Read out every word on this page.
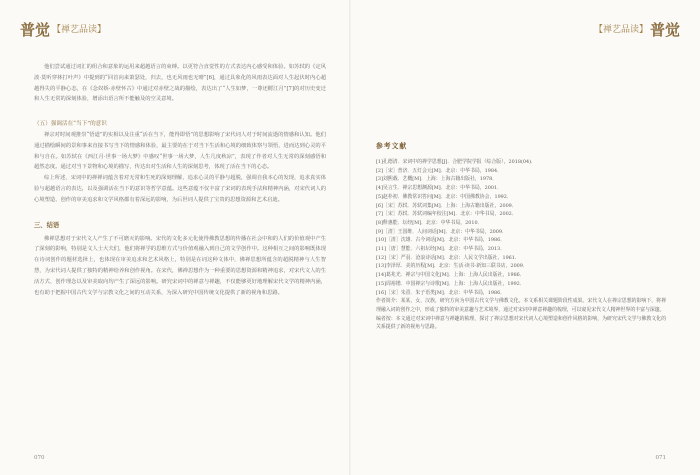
普觉 【禅艺品读】	【禅艺品读】 普觉

他们尝试通过词汇的组合和意象的运用来超越语言的束缚。以更符合直觉性的方式表达内心感受和体验。如苏轼的《定风波·莫听穿林打叶声》中提到的“回首向来萧瑟处，归去，也无风雨也无晴”[6]，通过具象化的风雨表达面对人生起伏时内心超越得失的平静心态，在《念奴娇·赤壁怀古》中通过对赤壁之战的描绘，表达出了“人生如梦，一尊还酹江月”[7]的对历史变迁和人生无常的深刻体验，增添出语言所不能触及的空灵意境。

（五）强调活在“当下”的意识

禅宗对时间观推崇“悟道”的实相以及注重“活在当下，能得即悟”的思想影响了宋代词人对于时间流逝的情感和认知。他们通过描绘瞬间的景和事来直接书写当下的情感和体验，最主要的在于对当下生活和心境的细致体察与领悟，进而达到心灵的平和与自在。如苏轼在《西江月·世事一场大梦》中感叹“世事一场大梦，人生几度秋凉”，表现了作者对人生无常的深刻感悟和超然态度。通过对当下景物和心境的描写，传达出对生活和人生的深刻思考，体现了活在当下的心态。

综上所述，宋词中的禅禅词蕴含着对无常和生死的深刻理解，追求心灵的平静与超脱，强调自我本心的发现，追求真实体验与超越语言的表达，以及强调活在当下的意识等哲学意蕴。这些意蕴不仅丰富了宋词的表现手法和精神内涵，对宋代词人的心境塑造、创作的审美追求和文学风格都有着深远的影响，为后世词人提供了宝贵的思想资源和艺术启迪。

三、结语

佛禅思想对于宋代文人产生了不可磨灭的影响。宋代的文化多元化使得佛教思想的传播在社会中和的人们的价值观中产生了深刻的影响，特别是文人士大夫们，他们将禅学的思维方式与价值观融入到自己的文学创作中。这种相互之间的影响既体现在诗词创作的题材选择上，也体现在审美追求和艺术风格上，特别是在词这种文体中，佛禅思想所蕴含的超脱精神与人生智慧，为宋代词人提供了独特的精神给养和创作视角。在宋代，佛禅思想作为一种重要的思想资源和精神追求，对宋代文人的生活方式、创作理念以及审美取向均产生了深远的影响。研究宋词中的禅意与禅趣，不仅能够更好地理解宋代文学的精神内涵，也有助于把握中国古代文学与宗教文化之间的互动关系，为深入研究中国传统文化提供了新的视角和思路。

参考文献

[1]孔德清．宋词中的禅学思想[J]．合肥学院学报（综合版），2018(04)．
[2]［宋］普济．五灯会元[M]．北京：中华书局，1984．
[3]刘熙载．艺概[M]．上海：上海古籍出版社，1978．
[4]吴言生．禅宗思想渊源[M]．北京：中华书局，2001．
[5]赵朴初．佛教常识答问[M]．北京：中国佛教协会，1992．
[6]［宋］苏轼．苏轼词集[M]．上海：上海古籍出版社，2009．
[7]［宋］苏轼．苏轼词编年校注[M]．北京：中华书局，2002．
[8]释惠能．坛经[M]．北京：中华书局，2010．
[9]［清］王国维．人间词话[M]．北京：中华书局，2009．
[10]［清］沈雄．古今词话[M]．北京：中华书局，1986．
[11]［唐］慧能．六祖坛经[M]．北京：中华书局，2013．
[12]［宋］严羽．沧浪诗话[M]．北京：人民文学出版社，1961．
[13]李泽厚．美的历程[M]．北京：生活·读书·新知三联书店，2009．
[14]葛兆光．禅宗与中国文化[M]．上海：上海人民出版社，1986．
[15]周裕锴．中国禅宗与诗歌[M]．上海：上海人民出版社，1992．
[16]［宋］朱熹．朱子语类[M]．北京：中华书局，1986．
作者简介：某某，女，汉族，研究方向为中国古代文学与佛教文化。本文系相关课题阶段性成果。宋代文人在禅宗思想的影响下，将禅理融入词的创作之中，形成了独特的审美意趣与艺术境界，通过对宋词中禅意禅趣的梳理，可以窥见宋代文人精神世界的丰富与深邃。
编者按：本文通过对宋词中禅意与禅趣的梳理，探讨了禅宗思想对宋代词人心境塑造和创作风格的影响，为研究宋代文学与佛教文化的关系提供了新的视角与思路。
070	071
